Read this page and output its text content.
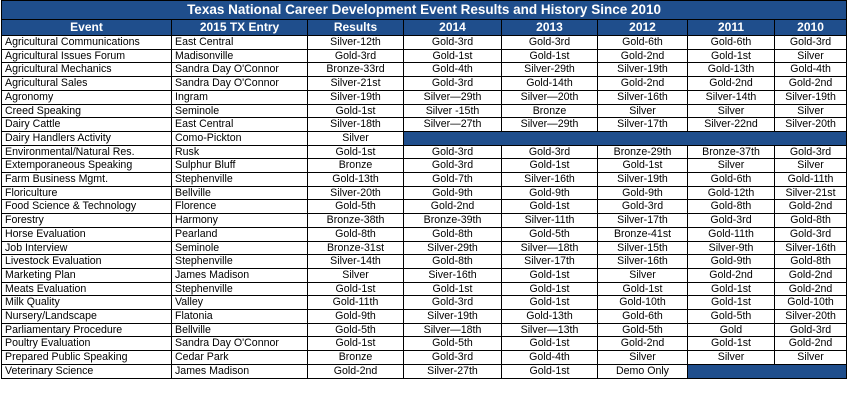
Texas National Career Development Event Results and History Since 2010							
Event	2015 TX Entry	Results	2014	2013	2012	2011	2010
Agricultural Communications	East Central	Silver-12th	Gold-3rd	Gold-3rd	Gold-6th	Gold-6th	Gold-3rd
Agricultural Issues Forum	Madisonville	Gold-3rd	Gold-1st	Gold-1st	Gold-2nd	Gold-1st	Silver
Agricultural Mechanics	Sandra Day O'Connor	Bronze-33rd	Gold-4th	Silver-29th	Silver-19th	Gold-13th	Gold-4th
Agricultural Sales	Sandra Day O'Connor	Silver-21st	Gold-3rd	Gold-14th	Gold-2nd	Gold-2nd	Gold-2nd
Agronomy	Ingram	Silver-19th	Silver—29th	Silver—20th	Silver-16th	Silver-14th	Silver-19th
Creed Speaking	Seminole	Gold-1st	Silver -15th	Bronze	Silver	Silver	Silver
Dairy Cattle	East Central	Silver-18th	Silver—27th	Silver—29th	Silver-17th	Silver-22nd	Silver-20th
Dairy Handlers Activity	Como-Pickton	Silver					
Environmental/Natural Res.	Rusk	Gold-1st	Gold-3rd	Gold-3rd	Bronze-29th	Bronze-37th	Gold-3rd
Extemporaneous Speaking	Sulphur Bluff	Bronze	Gold-3rd	Gold-1st	Gold-1st	Silver	Silver
Farm Business Mgmt.	Stephenville	Gold-13th	Gold-7th	Silver-16th	Silver-19th	Gold-6th	Gold-11th
Floriculture	Bellville	Silver-20th	Gold-9th	Gold-9th	Gold-9th	Gold-12th	Silver-21st
Food Science & Technology	Florence	Gold-5th	Gold-2nd	Gold-1st	Gold-3rd	Gold-8th	Gold-2nd
Forestry	Harmony	Bronze-38th	Bronze-39th	Silver-11th	Silver-17th	Gold-3rd	Gold-8th
Horse Evaluation	Pearland	Gold-8th	Gold-8th	Gold-5th	Bronze-41st	Gold-11th	Gold-3rd
Job Interview	Seminole	Bronze-31st	Silver-29th	Silver—18th	Silver-15th	Silver-9th	Silver-16th
Livestock Evaluation	Stephenville	Silver-14th	Gold-8th	Silver-17th	Silver-16th	Gold-9th	Gold-8th
Marketing Plan	James Madison	Silver	Siver-16th	Gold-1st	Silver	Gold-2nd	Gold-2nd
Meats Evaluation	Stephenville	Gold-1st	Gold-1st	Gold-1st	Gold-1st	Gold-1st	Gold-2nd
Milk Quality	Valley	Gold-11th	Gold-3rd	Gold-1st	Gold-10th	Gold-1st	Gold-10th
Nursery/Landscape	Flatonia	Gold-9th	Silver-19th	Gold-13th	Gold-6th	Gold-5th	Silver-20th
Parliamentary Procedure	Bellville	Gold-5th	Silver—18th	Silver—13th	Gold-5th	Gold	Gold-3rd
Poultry Evaluation	Sandra Day O'Connor	Gold-1st	Gold-5th	Gold-1st	Gold-2nd	Gold-1st	Gold-2nd
Prepared Public Speaking	Cedar Park	Bronze	Gold-3rd	Gold-4th	Silver	Silver	Silver
Veterinary Science	James Madison	Gold-2nd	Silver-27th	Gold-1st	Demo Only		
